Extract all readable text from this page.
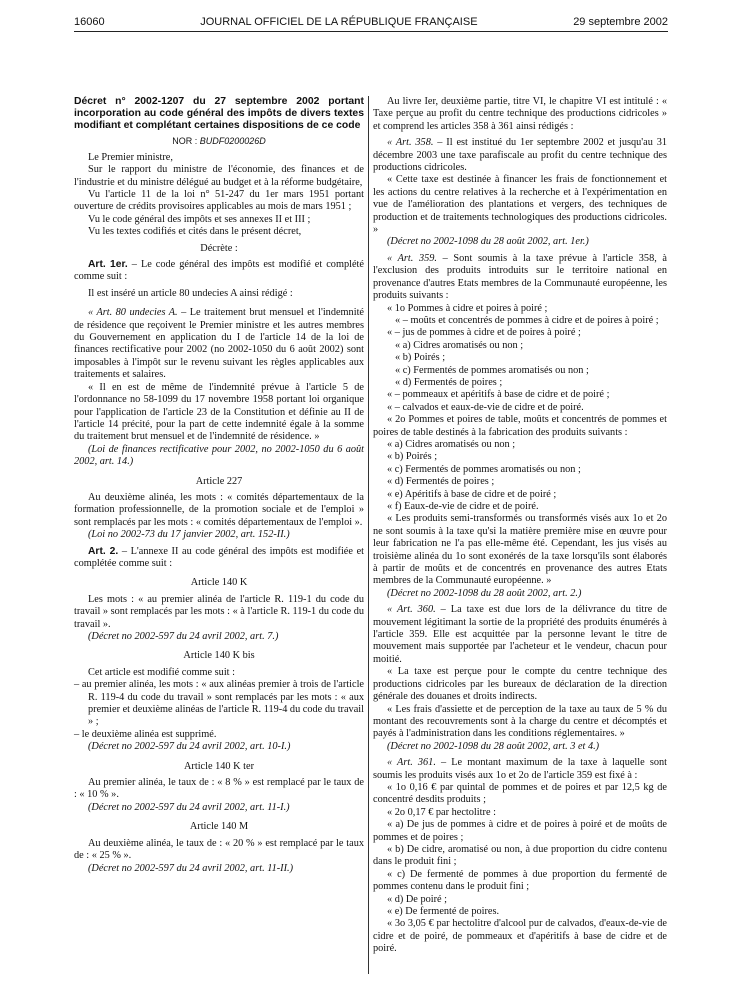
16060	JOURNAL OFFICIEL DE LA RÉPUBLIQUE FRANÇAISE	29 septembre 2002

Décret n° 2002-1207 du 27 septembre 2002 portant incorporation au code général des impôts de divers textes modifiant et complétant certaines dispositions de ce code

NOR : BUDF0200026D

Le Premier ministre,

Sur le rapport du ministre de l'économie, des finances et de l'industrie et du ministre délégué au budget et à la réforme budgétaire,

Vu l'article 11 de la loi n° 51-247 du 1er mars 1951 portant ouverture de crédits provisoires applicables au mois de mars 1951 ;

Vu le code général des impôts et ses annexes II et III ;

Vu les textes codifiés et cités dans le présent décret,

Décrète :

Art. 1er. – Le code général des impôts est modifié et complété comme suit :

Il est inséré un article 80 undecies A ainsi rédigé :

« Art. 80 undecies A. – Le traitement brut mensuel et l'indemnité de résidence que reçoivent le Premier ministre et les autres membres du Gouvernement en application du I de l'article 14 de la loi de finances rectificative pour 2002 (no 2002-1050 du 6 août 2002) sont imposables à l'impôt sur le revenu suivant les règles applicables aux traitements et salaires.

« Il en est de même de l'indemnité prévue à l'article 5 de l'ordonnance no 58-1099 du 17 novembre 1958 portant loi organique pour l'application de l'article 23 de la Constitution et définie au II de l'article 14 précité, pour la part de cette indemnité égale à la somme du traitement brut mensuel et de l'indemnité de résidence. »

(Loi de finances rectificative pour 2002, no 2002-1050 du 6 août 2002, art. 14.)

Article 227

Au deuxième alinéa, les mots : « comités départementaux de la formation professionnelle, de la promotion sociale et de l'emploi » sont remplacés par les mots : « comités départementaux de l'emploi ».

(Loi no 2002-73 du 17 janvier 2002, art. 152-II.)

Art. 2. – L'annexe II au code général des impôts est modifiée et complétée comme suit :

Article 140 K

Les mots : « au premier alinéa de l'article R. 119-1 du code du travail » sont remplacés par les mots : « à l'article R. 119-1 du code du travail ».

(Décret no 2002-597 du 24 avril 2002, art. 7.)

Article 140 K bis

Cet article est modifié comme suit :

– au premier alinéa, les mots : « aux alinéas premier à trois de l'article R. 119-4 du code du travail » sont remplacés par les mots : « aux premier et deuxième alinéas de l'article R. 119-4 du code du travail » ;

– le deuxième alinéa est supprimé.

(Décret no 2002-597 du 24 avril 2002, art. 10-I.)

Article 140 K ter

Au premier alinéa, le taux de : « 8 % » est remplacé par le taux de : « 10 % ».

(Décret no 2002-597 du 24 avril 2002, art. 11-I.)

Article 140 M

Au deuxième alinéa, le taux de : « 20 % » est remplacé par le taux de : « 25 % ».

(Décret no 2002-597 du 24 avril 2002, art. 11-II.)

Au livre Ier, deuxième partie, titre VI, le chapitre VI est intitulé : « Taxe perçue au profit du centre technique des productions cidricoles » et comprend les articles 358 à 361 ainsi rédigés :

« Art. 358. – Il est institué du 1er septembre 2002 et jusqu'au 31 décembre 2003 une taxe parafiscale au profit du centre technique des productions cidricoles.

« Cette taxe est destinée à financer les frais de fonctionnement et les actions du centre relatives à la recherche et à l'expérimentation en vue de l'amélioration des plantations et vergers, des techniques de production et de traitements technologiques des productions cidricoles. »

(Décret no 2002-1098 du 28 août 2002, art. 1er.)

« Art. 359. – Sont soumis à la taxe prévue à l'article 358, à l'exclusion des produits introduits sur le territoire national en provenance d'autres Etats membres de la Communauté européenne, les produits suivants :

« 1o Pommes à cidre et poires à poiré ;

« – moûts et concentrés de pommes à cidre et de poires à poiré ;

« – jus de pommes à cidre et de poires à poiré ;

« a) Cidres aromatisés ou non ;

« b) Poirés ;

« c) Fermentés de pommes aromatisés ou non ;

« d) Fermentés de poires ;

« – pommeaux et apéritifs à base de cidre et de poiré ;

« – calvados et eaux-de-vie de cidre et de poiré.

« 2o Pommes et poires de table, moûts et concentrés de pommes et poires de table destinés à la fabrication des produits suivants :

« a) Cidres aromatisés ou non ;

« b) Poirés ;

« c) Fermentés de pommes aromatisés ou non ;

« d) Fermentés de poires ;

« e) Apéritifs à base de cidre et de poiré ;

« f) Eaux-de-vie de cidre et de poiré.

« Les produits semi-transformés ou transformés visés aux 1o et 2o ne sont soumis à la taxe qu'si la matière première mise en œuvre pour leur fabrication ne l'a pas elle-même été. Cependant, les jus visés au troisième alinéa du 1o sont exonérés de la taxe lorsqu'ils sont élaborés à partir de moûts et de concentrés en provenance des autres Etats membres de la Communauté européenne. »

(Décret no 2002-1098 du 28 août 2002, art. 2.)

« Art. 360. – La taxe est due lors de la délivrance du titre de mouvement légitimant la sortie de la propriété des produits énumérés à l'article 359. Elle est acquittée par la personne levant le titre de mouvement mais supportée par l'acheteur et le vendeur, chacun pour moitié.

« La taxe est perçue pour le compte du centre technique des productions cidricoles par les bureaux de déclaration de la direction générale des douanes et droits indirects.

« Les frais d'assiette et de perception de la taxe au taux de 5 % du montant des recouvrements sont à la charge du centre et décomptés et payés à l'administration dans les conditions réglementaires. »

(Décret no 2002-1098 du 28 août 2002, art. 3 et 4.)

« Art. 361. – Le montant maximum de la taxe à laquelle sont soumis les produits visés aux 1o et 2o de l'article 359 est fixé à :

« 1o 0,16 € par quintal de pommes et de poires et par 12,5 kg de concentré desdits produits ;

« 2o 0,17 € par hectolitre :

« a) De jus de pommes à cidre et de poires à poiré et de moûts de pommes et de poires ;

« b) De cidre, aromatisé ou non, à due proportion du cidre contenu dans le produit fini ;

« c) De fermenté de pommes à due proportion du fermenté de pommes contenu dans le produit fini ;

« d) De poiré ;

« e) De fermenté de poires.

« 3o 3,05 € par hectolitre d'alcool pur de calvados, d'eaux-de-vie de cidre et de poiré, de pommeaux et d'apéritifs à base de cidre et de poiré.
